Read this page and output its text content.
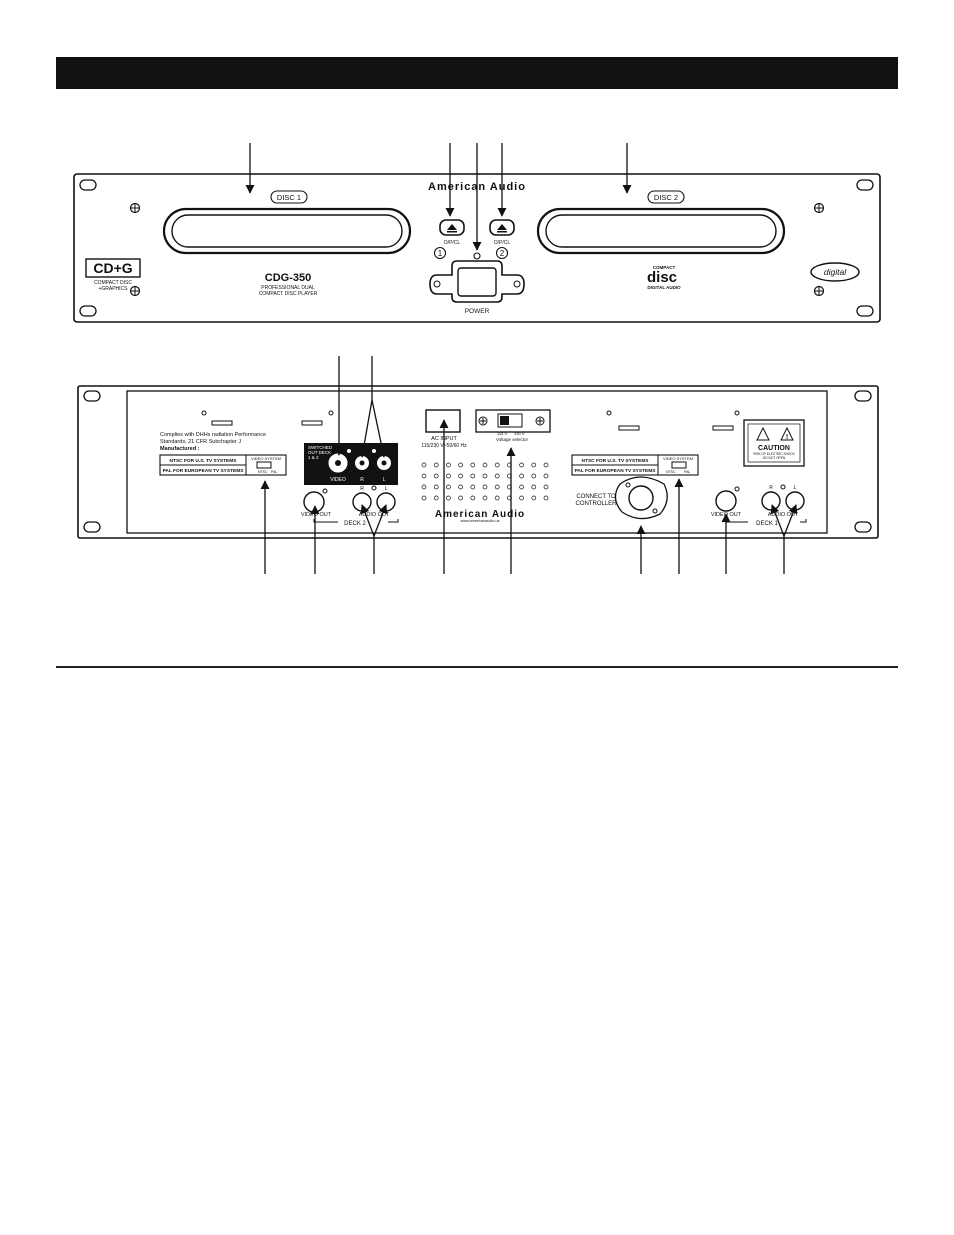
American Audio
DISC 1	DISC 2
O/P/CL
1
O/P/CL
2
POWER
CD+G
COMPACT DISC
+GRAPHICS
CDG-350
PROFESSIONAL DUAL
COMPACT DISC PLAYER
COMPACT
disc
DIGITAL AUDIO
digital
Complies with DHHs radiation Performance
Standards, 21 CFR Subchapter J
Manufactured :
NTSC FOR U.S. TV SYSTEMS
PAL FOR EUROPEAN TV SYSTEMS
VIDEO SYSTEM
NTSC PAL
SWITCHED
OUT DECK
1 & 2
VIDEO	R	L
VIDEO OUT
R	L
AUDIO OUT
DECK 2
AC INPUT
115/230 V~50/60 Hz
115 V 230 V
Voltage selector
American Audio
www.americanaudio.us
NTSC FOR U.S. TV SYSTEMS
PAL FOR EUROPEAN TV SYSTEMS
VIDEO SYSTEM
NTSC PAL
CONNECT TO
CONTROLLER
VIDEO OUT
R	L
AUDIO OUT
DECK 1
!
CAUTION
RISK OF ELECTRIC SHOCK
DO NOT OPEN
